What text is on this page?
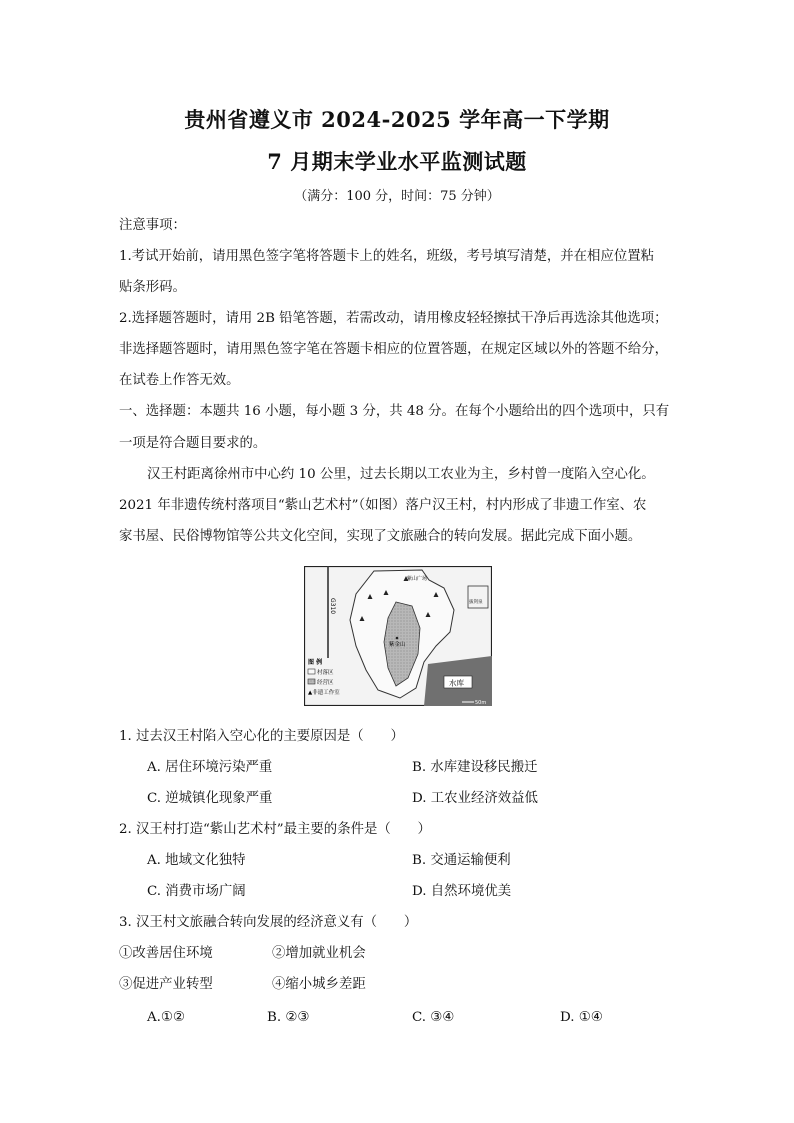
贵州省遵义市 2024-2025 学年高一下学期
7 月期末学业水平监测试题
（满分：100 分，时间：75 分钟）
注意事项：
1.考试开始前，请用黑色签字笔将答题卡上的姓名，班级，考号填写清楚，并在相应位置粘
贴条形码。
2.选择题答题时，请用 2B 铅笔答题，若需改动，请用橡皮轻轻擦拭干净后再选涂其他选项；
非选择题答题时，请用黑色签字笔在答题卡相应的位置答题，在规定区域以外的答题不给分，
在试卷上作答无效。
一、选择题：本题共 16 小题，每小题 3 分，共 48 分。在每个小题给出的四个选项中，只有
一项是符合题目要求的。
汉王村距离徐州市中心约 10 公里，过去长期以工农业为主，乡村曾一度陷入空心化。
2021 年非遗传统村落项目“紫山艺术村”（如图）落户汉王村，村内形成了非遗工作室、农
家书屋、民俗博物馆等公共文化空间，实现了文旅融合的转向发展。据此完成下面小题。
G310
紫金山
紫山广场
拔剑泉
水库
50m
图 例
村落区
经营区
▲非遗工作室
1. 过去汉王村陷入空心化的主要原因是（　　）
A. 居住环境污染严重	B. 水库建设移民搬迁
C. 逆城镇化现象严重	D. 工农业经济效益低
2. 汉王村打造“紫山艺术村”最主要的条件是（　　）
A. 地域文化独特	B. 交通运输便利
C. 消费市场广阔	D. 自然环境优美
3. 汉王村文旅融合转向发展的经济意义有（　　）
①改善居住环境	②增加就业机会
③促进产业转型	④缩小城乡差距
A.①②	B. ②③	C. ③④	D. ①④
